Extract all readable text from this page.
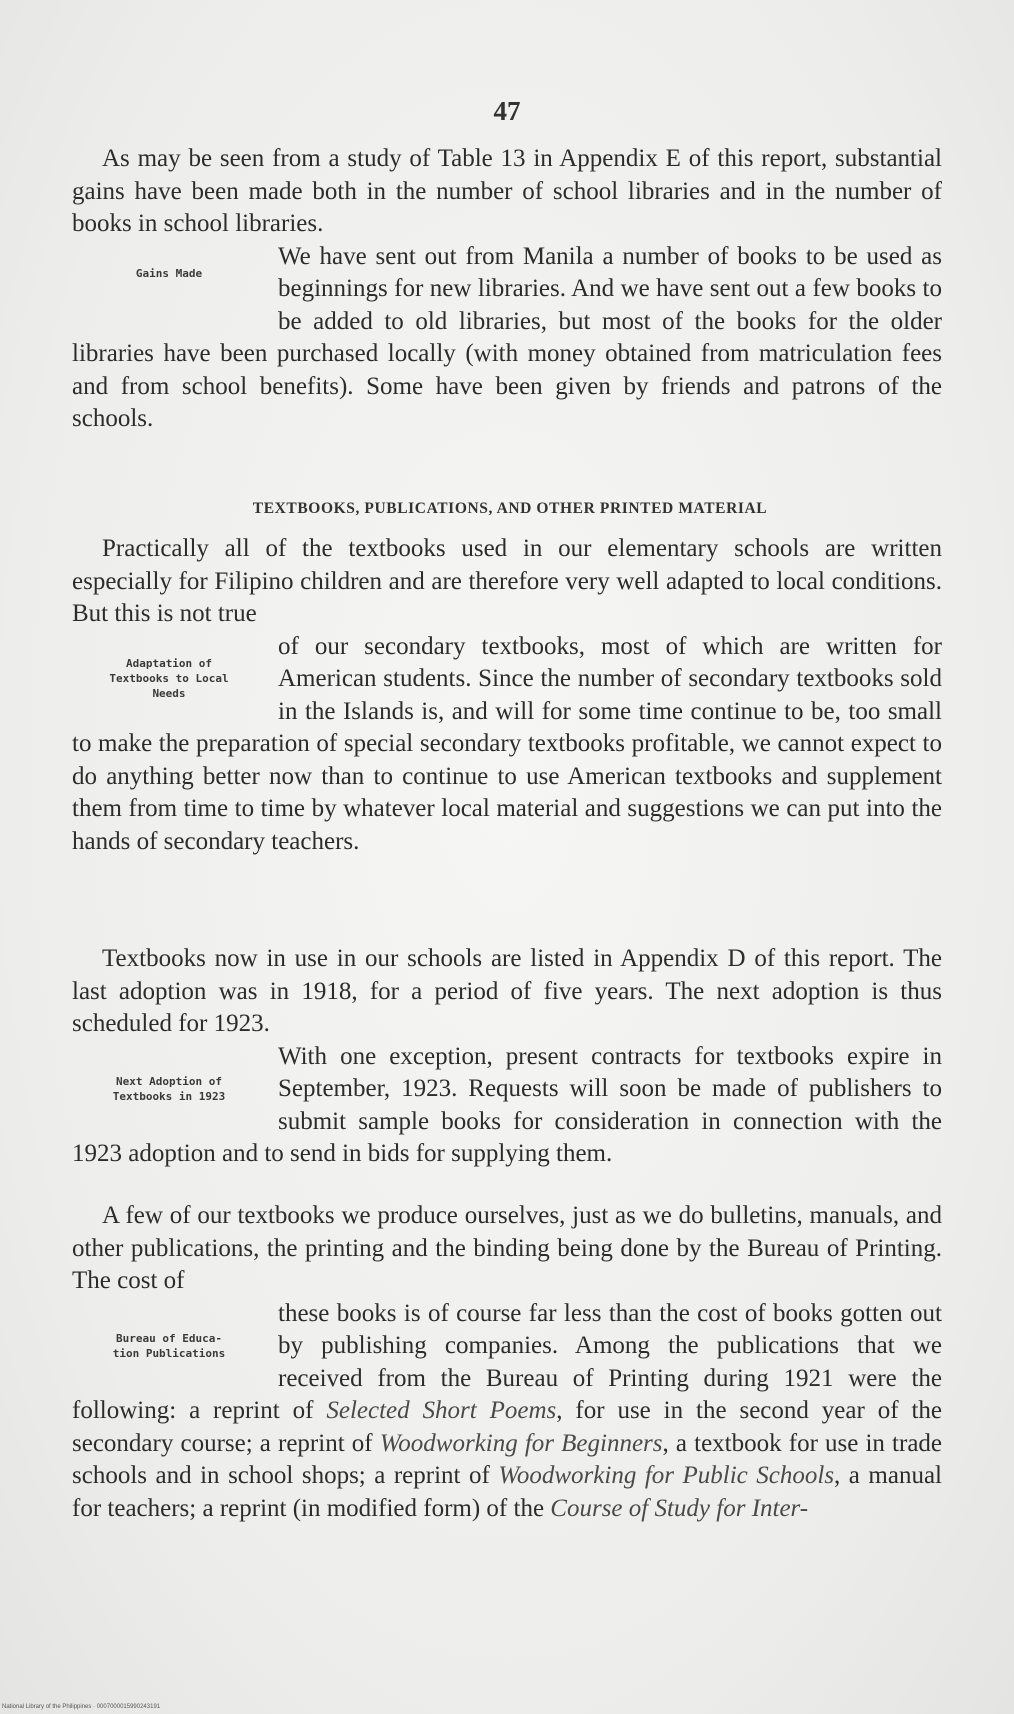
47

As may be seen from a study of Table 13 in Appendix E of this report, substantial gains have been made both in the number of school libraries and in the number of books in school libraries.

Gains Made
We have sent out from Manila a number of books to be used as beginnings for new libraries. And we have sent out a few books to be added to old libraries, but most of the books for the older libraries have been purchased locally (with money obtained from matriculation fees and from school benefits). Some have been given by friends and patrons of the schools.

TEXTBOOKS, PUBLICATIONS, AND OTHER PRINTED MATERIAL

Practically all of the textbooks used in our elementary schools are written especially for Filipino children and are therefore very well adapted to local conditions. But this is not true

Adaptation of
Textbooks to Local
Needs
of our secondary textbooks, most of which are written for American students. Since the number of secondary textbooks sold in the Islands is, and will for some time continue to be, too small to make the preparation of special secondary textbooks profitable, we cannot expect to do anything better now than to continue to use American textbooks and supplement them from time to time by whatever local material and suggestions we can put into the hands of secondary teachers.

Textbooks now in use in our schools are listed in Appendix D of this report. The last adoption was in 1918, for a period of five years. The next adoption is thus scheduled for 1923.

Next Adoption of
Textbooks in 1923
With one exception, present contracts for textbooks expire in September, 1923. Requests will soon be made of publishers to submit sample books for consideration in connection with the 1923 adoption and to send in bids for supplying them.

A few of our textbooks we produce ourselves, just as we do bulletins, manuals, and other publications, the printing and the binding being done by the Bureau of Printing. The cost of

Bureau of Educa-
tion Publications
these books is of course far less than the cost of books gotten out by publishing companies. Among the publications that we received from the Bureau of Printing during 1921 were the following: a reprint of Selected Short Poems, for use in the second year of the secondary course; a reprint of Woodworking for Beginners, a textbook for use in trade schools and in school shops; a reprint of Woodworking for Public Schools, a manual for teachers; a reprint (in modified form) of the Course of Study for Inter-

National Library of the Philippines · 0007000015990243191
